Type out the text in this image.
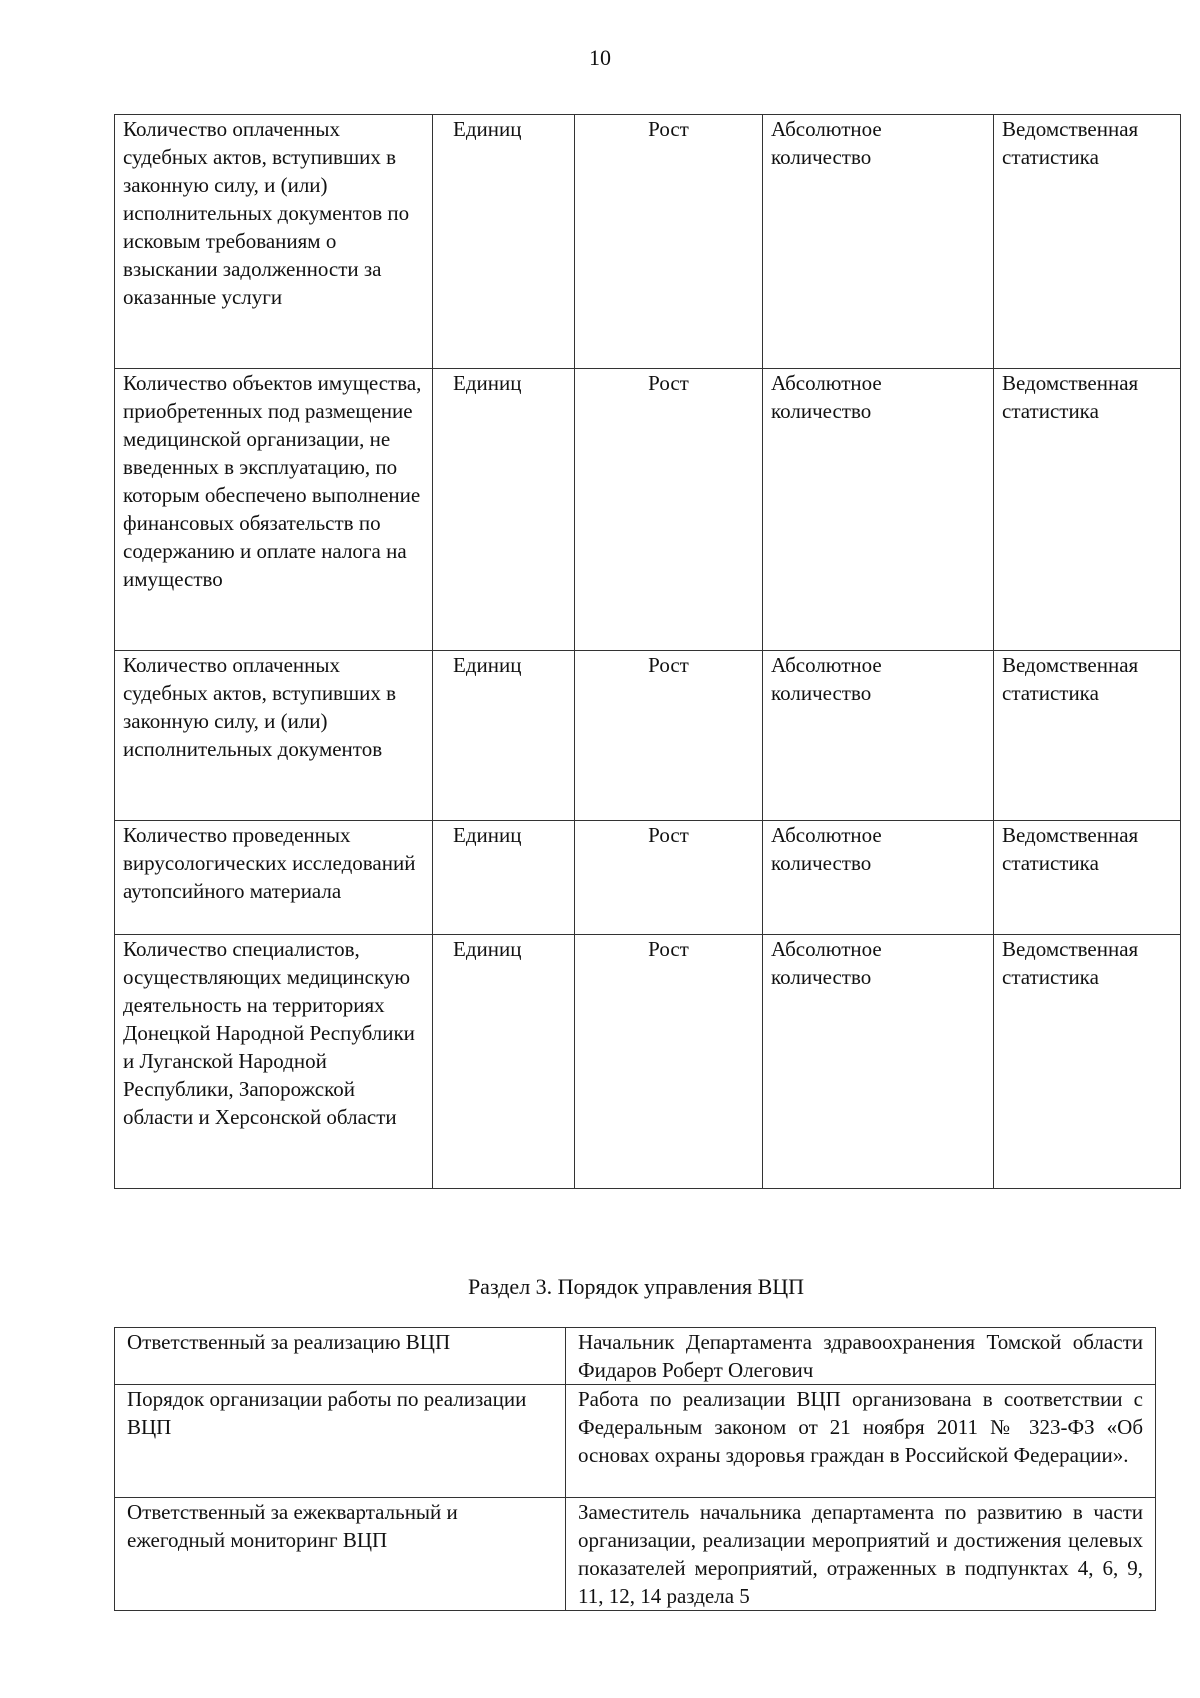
10
Количество оплаченных судебных актов, вступивших в законную силу, и (или) исполнительных документов по исковым требованиям о взыскании задолженности за оказанные услуги	Единиц	Рост	Абсолютное количество	Ведомственная статистика
Количество объектов имущества, приобретенных под размещение медицинской организации, не введенных в эксплуатацию, по которым обеспечено выполнение финансовых обязательств по содержанию и оплате налога на имущество	Единиц	Рост	Абсолютное количество	Ведомственная статистика
Количество оплаченных судебных актов, вступивших в законную силу, и (или) исполнительных документов	Единиц	Рост	Абсолютное количество	Ведомственная статистика
Количество проведенных вирусологических исследований аутопсийного материала	Единиц	Рост	Абсолютное количество	Ведомственная статистика
Количество специалистов, осуществляющих медицинскую деятельность на территориях Донецкой Народной Республики и Луганской Народной Республики, Запорожской области и Херсонской области	Единиц	Рост	Абсолютное количество	Ведомственная статистика
Раздел 3. Порядок управления ВЦП
Ответственный за реализацию ВЦП	Начальник Департамента здравоохранения Томской области Фидаров Роберт Олегович
Порядок организации работы по реализации ВЦП	Работа по реализации ВЦП организована в соответствии с Федеральным законом от 21 ноября 2011 № 323-ФЗ «Об основах охраны здоровья граждан в Российской Федерации».
Ответственный за ежеквартальный и ежегодный мониторинг ВЦП	Заместитель начальника департамента по развитию в части организации, реализации мероприятий и достижения целевых показателей мероприятий, отраженных в подпунктах 4, 6, 9, 11, 12, 14 раздела 5
